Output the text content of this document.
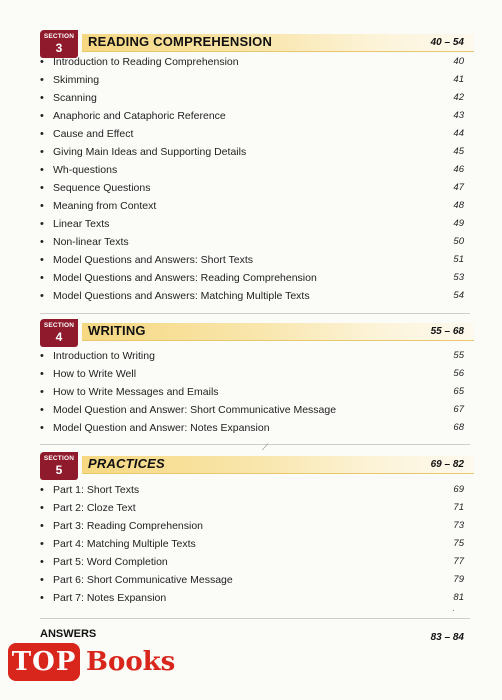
SECTION
3	READING COMPREHENSION	40 – 54
• Introduction to Reading Comprehension	40
• Skimming	41
• Scanning	42
• Anaphoric and Cataphoric Reference	43
• Cause and Effect	44
• Giving Main Ideas and Supporting Details	45
• Wh-questions	46
• Sequence Questions	47
• Meaning from Context	48
• Linear Texts	49
• Non-linear Texts	50
• Model Questions and Answers: Short Texts	51
• Model Questions and Answers: Reading Comprehension	53
• Model Questions and Answers: Matching Multiple Texts	54
SECTION
4	WRITING	55 – 68
• Introduction to Writing	55
• How to Write Well	56
• How to Write Messages and Emails	65
• Model Question and Answer: Short Communicative Message	67
• Model Question and Answer: Notes Expansion	68
SECTION
5	PRACTICES	69 – 82
• Part 1: Short Texts	69
• Part 2: Cloze Text	71
• Part 3: Reading Comprehension	73
• Part 4: Matching Multiple Texts	75
• Part 5: Word Completion	77
• Part 6: Short Communicative Message	79
• Part 7: Notes Expansion	81
ANSWERS	83 – 84
TOP Books
⟋
·
